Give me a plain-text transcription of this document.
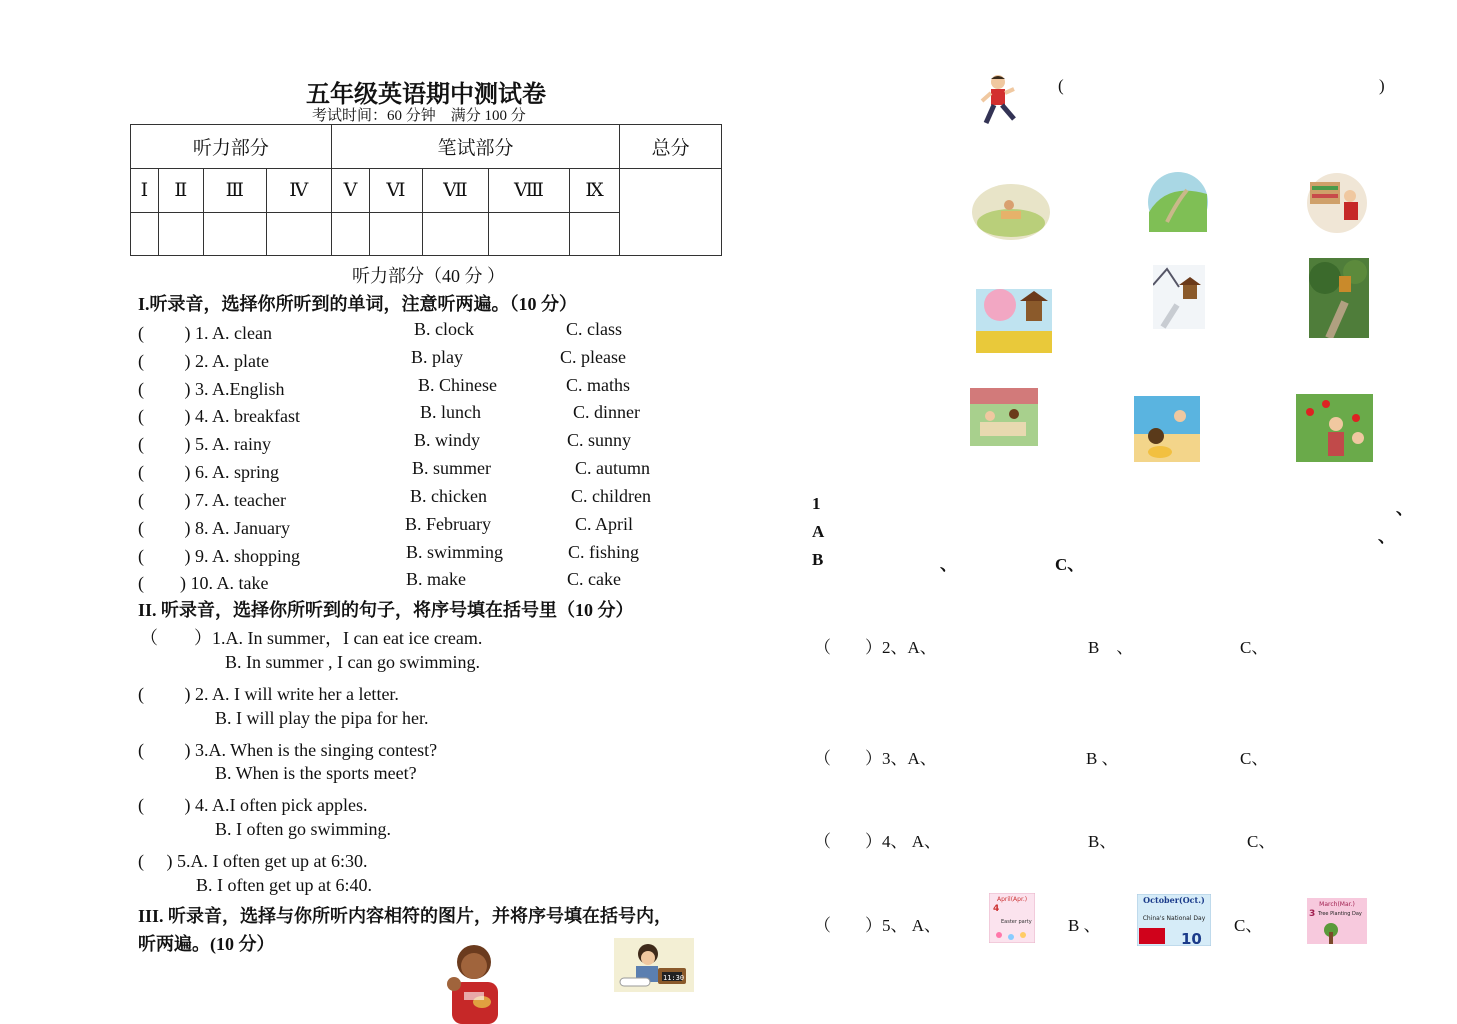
五年级英语期中测试卷
考试时间：60 分钟　满分 100 分
听力部分				笔试部分					总分
Ⅰ	Ⅱ	Ⅲ	Ⅳ	Ⅴ	Ⅵ	Ⅶ	Ⅷ	Ⅸ	

听力部分（40 分 ）
I.听录音，选择你所听到的单词，注意听两遍。（10 分）
(　　 ) 1. A. clean	B. clock	C. class
(　　 ) 2. A. plate	B. play	C. please
(　　 ) 3. A.English	B. Chinese	C. maths
(　　 ) 4. A. breakfast	B. lunch	C. dinner
(　　 ) 5. A. rainy	B. windy	C. sunny
(　　 ) 6. A. spring	B. summer	C. autumn
(　　 ) 7. A. teacher	B. chicken	C. children
(　　 ) 8. A. January	B. February	C. April
(　　 ) 9. A. shopping	B. swimming	C. fishing
(　　) 10. A. take	B. make	C. cake
II. 听录音，选择你所听到的句子，将序号填在括号里（10 分）
（　　）1.A. In summer，I can eat ice cream.
B. In summer , I can go swimming.
(　　 ) 2. A. I will write her a letter.
B. I will play the pipa for her.
(　　 ) 3.A. When is the singing contest?
B. When is the sports meet?
(　　 ) 4. A.I often pick apples.
B. I often go swimming.
(　 ) 5.A. I often get up at 6:30.
B. I often get up at 6:40.
III. 听录音，选择与你所听内容相符的图片，并将序号填在括号内，
听两遍。(10 分）
11:30
(	)
1	、
A	、
B	、	C、
（　　）2、A、	B　、	C、
（　　）3、A、	B 、	C、
（　　）4、 A、	B、	C、
（　　）5、 A、	B 、	C、
April(Apr.)
4
Easter party
October(Oct.)
China's National Day
10
March(Mar.)
3 Tree Planting Day
